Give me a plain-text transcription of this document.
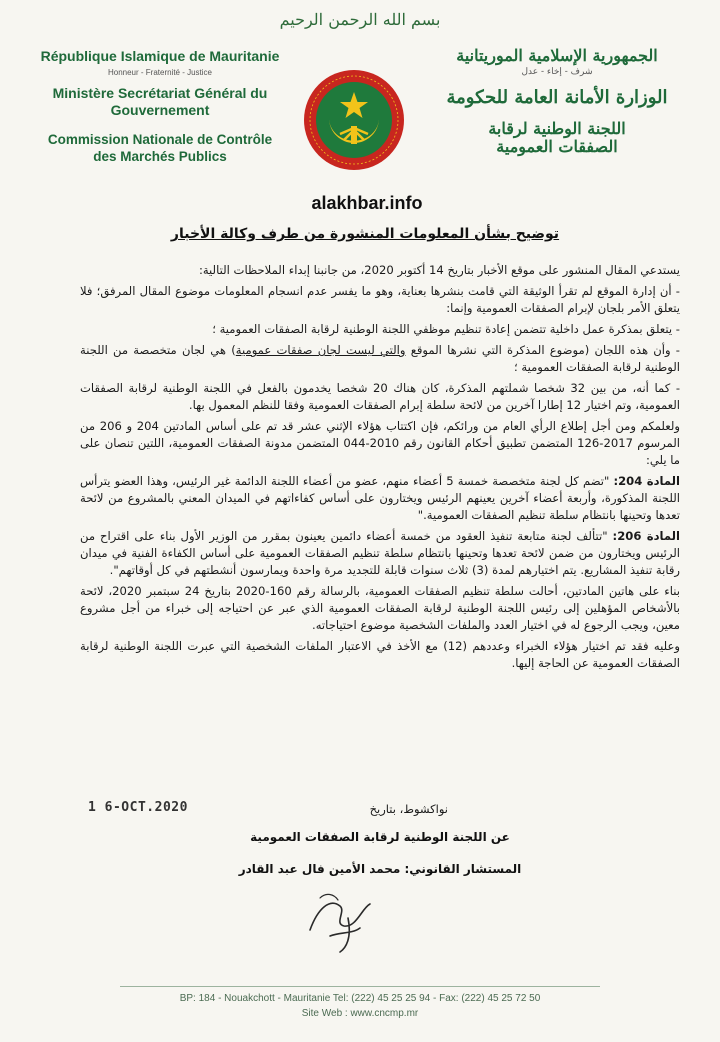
بسم الله الرحمن الرحيم
République Islamique de Mauritanie
Honneur - Fraternité - Justice
Ministère Secrétariat Général du
Gouvernement
Commission Nationale de Contrôle
des Marchés Publics
الجمهورية الإسلامية الموريتانية
شرف - إخاء - عدل
الوزارة الأمانة العامة للحكومة
اللجنة الوطنية لرقابة
الصفقات العمومية
alakhbar.info
توضيح بشأن المعلومات المنشورة من طرف وكالة الأخبار

يستدعي المقال المنشور على موقع الأخبار بتاريخ 14 أكتوبر 2020، من جانبنا إبداء الملاحظات التالية:

- أن إدارة الموقع لم تقرأ الوثيقة التي قامت بنشرها بعناية، وهو ما يفسر عدم انسجام المعلومات موضوع المقال المرفق؛ فلا يتعلق الأمر بلجان لإبرام الصفقات العمومية وإنما:

- يتعلق بمذكرة عمل داخلية تتضمن إعادة تنظيم موظفي اللجنة الوطنية لرقابة الصفقات العمومية ؛

- وأن هذه اللجان (موضوع المذكرة التي نشرها الموقع والتي ليست لجان صفقات عمومية) هي لجان متخصصة من اللجنة الوطنية لرقابة الصفقات العمومية ؛

- كما أنه، من بين 32 شخصا شملتهم المذكرة، كان هناك 20 شخصا يخدمون بالفعل في اللجنة الوطنية لرقابة الصفقات العمومية، وتم اختيار 12 إطارا آخرين من لائحة سلطة إبرام الصفقات العمومية وفقا للنظم المعمول بها.

ولعلمكم ومن أجل إطلاع الرأي العام من ورائكم، فإن اكتتاب هؤلاء الإثني عشر قد تم على أساس المادتين 204 و 206 من المرسوم 2017-126 المتضمن تطبيق أحكام القانون رقم 2010-044 المتضمن مدونة الصفقات العمومية، اللتين تنصان على ما يلي:

المادة 204: "تضم كل لجنة متخصصة خمسة 5 أعضاء منهم، عضو من أعضاء اللجنة الدائمة غير الرئيس، وهذا العضو يترأس اللجنة المذكورة، وأربعة أعضاء آخرين يعينهم الرئيس ويختارون على أساس كفاءاتهم في الميدان المعني بالمشروع من لائحة تعدها وتحينها بانتظام سلطة تنظيم الصفقات العمومية."

المادة 206: "تتألف لجنة متابعة تنفيذ العقود من خمسة أعضاء دائمين يعينون بمقرر من الوزير الأول بناء على اقتراح من الرئيس ويختارون من ضمن لائحة تعدها وتحينها بانتظام سلطة تنظيم الصفقات العمومية على أساس الكفاءة الفنية في ميدان رقابة تنفيذ المشاريع. يتم اختيارهم لمدة (3) ثلاث سنوات قابلة للتجديد مرة واحدة ويمارسون أنشطتهم في كل أوقاتهم".

بناء على هاتين المادتين، أحالت سلطة تنظيم الصفقات العمومية، بالرسالة رقم 160-2020 بتاريخ 24 سبتمبر 2020، لائحة بالأشخاص المؤهلين إلى رئيس اللجنة الوطنية لرقابة الصفقات العمومية الذي عبر عن احتياجه إلى خبراء من أجل مشروع معين، ويجب الرجوع له في اختيار العدد والملفات الشخصية موضوع احتياجاته.

وعليه فقد تم اختيار هؤلاء الخبراء وعددهم (12) مع الأخذ في الاعتبار الملفات الشخصية التي عبرت اللجنة الوطنية لرقابة الصفقات العمومية عن الحاجة إليها.

1 6-OCT.2020	نواكشوط، بتاريخ
عن اللجنة الوطنية لرقابة الصفقات العمومية
المستشار القانوني: محمد الأمين فال عبد القادر
BP: 184 - Nouakchott - Mauritanie Tel: (222) 45 25 25 94 - Fax: (222) 45 25 72 50
Site Web : www.cncmp.mr
